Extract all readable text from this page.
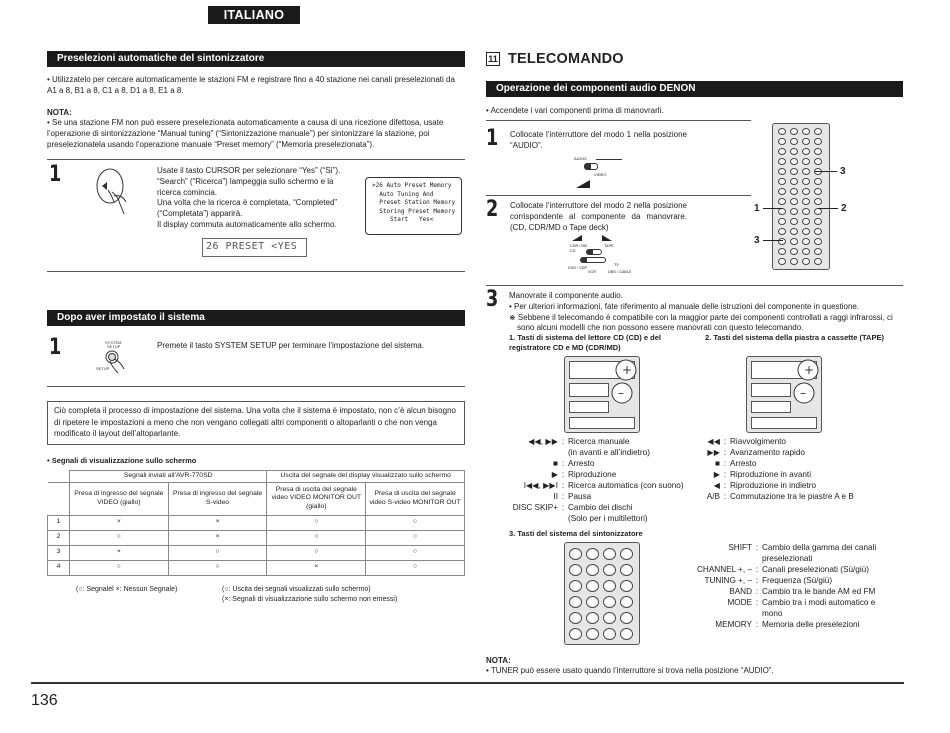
ITALIANO
Preselezioni automatiche del sintonizzatore

• Utilizzatelo per cercare automaticamente le stazioni FM e registrare fino a 40 stazione nei canali preselezionati da A1 a 8, B1 a 8, C1 a 8, D1 a 8, E1 a 8.

NOTA:

• Se una stazione FM non può essere preselezionata automaticamente a causa di una ricezione difettosa, usate l’operazione di sintonizzazione “Manual tuning” (“Sintonizzazione manuale”) per sintonizzare la stazione, poi preselezionatela usando l’operazione manuale “Preset memory” (“Memoria preselezionata”).

1	Usate il tasto CURSOR per selezionare “Yes” (“Sì”).

“Search” (“Ricerca”) lampeggia sullo schermo e la ricerca comincia.

Una volta che la ricerca è completata, “Completed” (“Completata”) apparirà.

Il display commuta automaticamente allo schermo.

>26 Auto Preset Memory
Auto Tuning And
Preset Station Memory
Storing Preset Memory
Start   Yes<
26 PRESET <YES
Dopo aver impostato il sistema
1	SYSTEM
SETUP
SETUP

Premete il tasto SYSTEM SETUP per terminare l’impostazione del sistema.

Ciò completa il processo di impostazione del sistema. Una volta che il sistema è impostato, non c’è alcun bisogno di ripetere le impostazioni a meno che non vengano collegati altri componenti o altoparlanti o che non venga modificato il layout dell’altoparlante.

• Segnali di visualizzazione sullo schermo

	Segnali inviati all’AVR-770SD		Uscita del segnale del display visualizzato sullo schermo	
	Presa di ingresso del segnale VIDEO (giallo)	Presa di ingresso del segnale S-video	Presa di uscita del segnale video VIDEO MONITOR OUT (giallo)	Presa di uscita del segnale video S-video MONITOR OUT
1	×	×	○	○
2	○	×	○	○
3	×	○	○	○
4	○	○	×	○

(○: Segnalel ×: Nessun Segnale)	(○: Uscita dei segnali visualizzati sullo schermo)

(×: Segnali di visualizzazione sullo schermo non emessi)

11 TELECOMANDO
Operazione dei componenti audio DENON

• Accendete i vari componenti prima di manovrarli.

1 Collocate l’interruttore del modo 1 nella posizione “AUDIO”.

AUDIO
VIDEO
2 Collocate l’interruttore del modo 2 nella posizione corrispondente al componente da manovrare. (CD, CDR/MD o Tape deck)

CDR / MD	TAPE
CD
DVD / VDP
TV
VCR	DBS / CABLE
3
1	2
3
3 Manovrate il componente audio.

• Per ulteriori informazioni, fate riferimento al manuale delle istruzioni del componente in questione.

⋇ Sebbene il telecomando è compatibile con la maggior parte dei componenti controllati a raggi infrarossi, ci sono alcuni modelli che non possono essere manovrati con questo telecomando.

1. Tasti di sistema del lettore CD (CD) e del registratore CD e MD (CDR/MD)

2. Tasti del sistema della piastra a cassette (TAPE)

+
–
+
–
◀◀, ▶▶ : Ricerca manuale
(in avanti e all’indietro)
■ : Arresto
▶ : Riproduzione
I◀◀, ▶▶I : Ricerca automatica (con suono)
II : Pausa
DISC SKIP+ : Cambio dei dischi
(Solo per i multilettori)
◀◀ : Riavvolgimento
▶▶ : Avanzamento rapido
■ : Arresto
▶ : Riproduzione in avanti
◀ : Riproduzione in indietro
A/B : Commutazione tra le piastre A e B

3. Tasti del sistema del sintonizzatore

SHIFT : Cambio della gamma dei canali
preselezionati
CHANNEL +, – : Canali preselezionati (Sù/giù)
TUNING +, – : Frequenza (Sù/giù)
BAND : Cambio tra le bande AM ed FM
MODE : Cambio tra i modi automatico e
mono
MEMORY : Memoria delle preselezioni

NOTA:

• TUNER può essere usato quando l’interruttore si trova nella posizione “AUDIO”.

136
